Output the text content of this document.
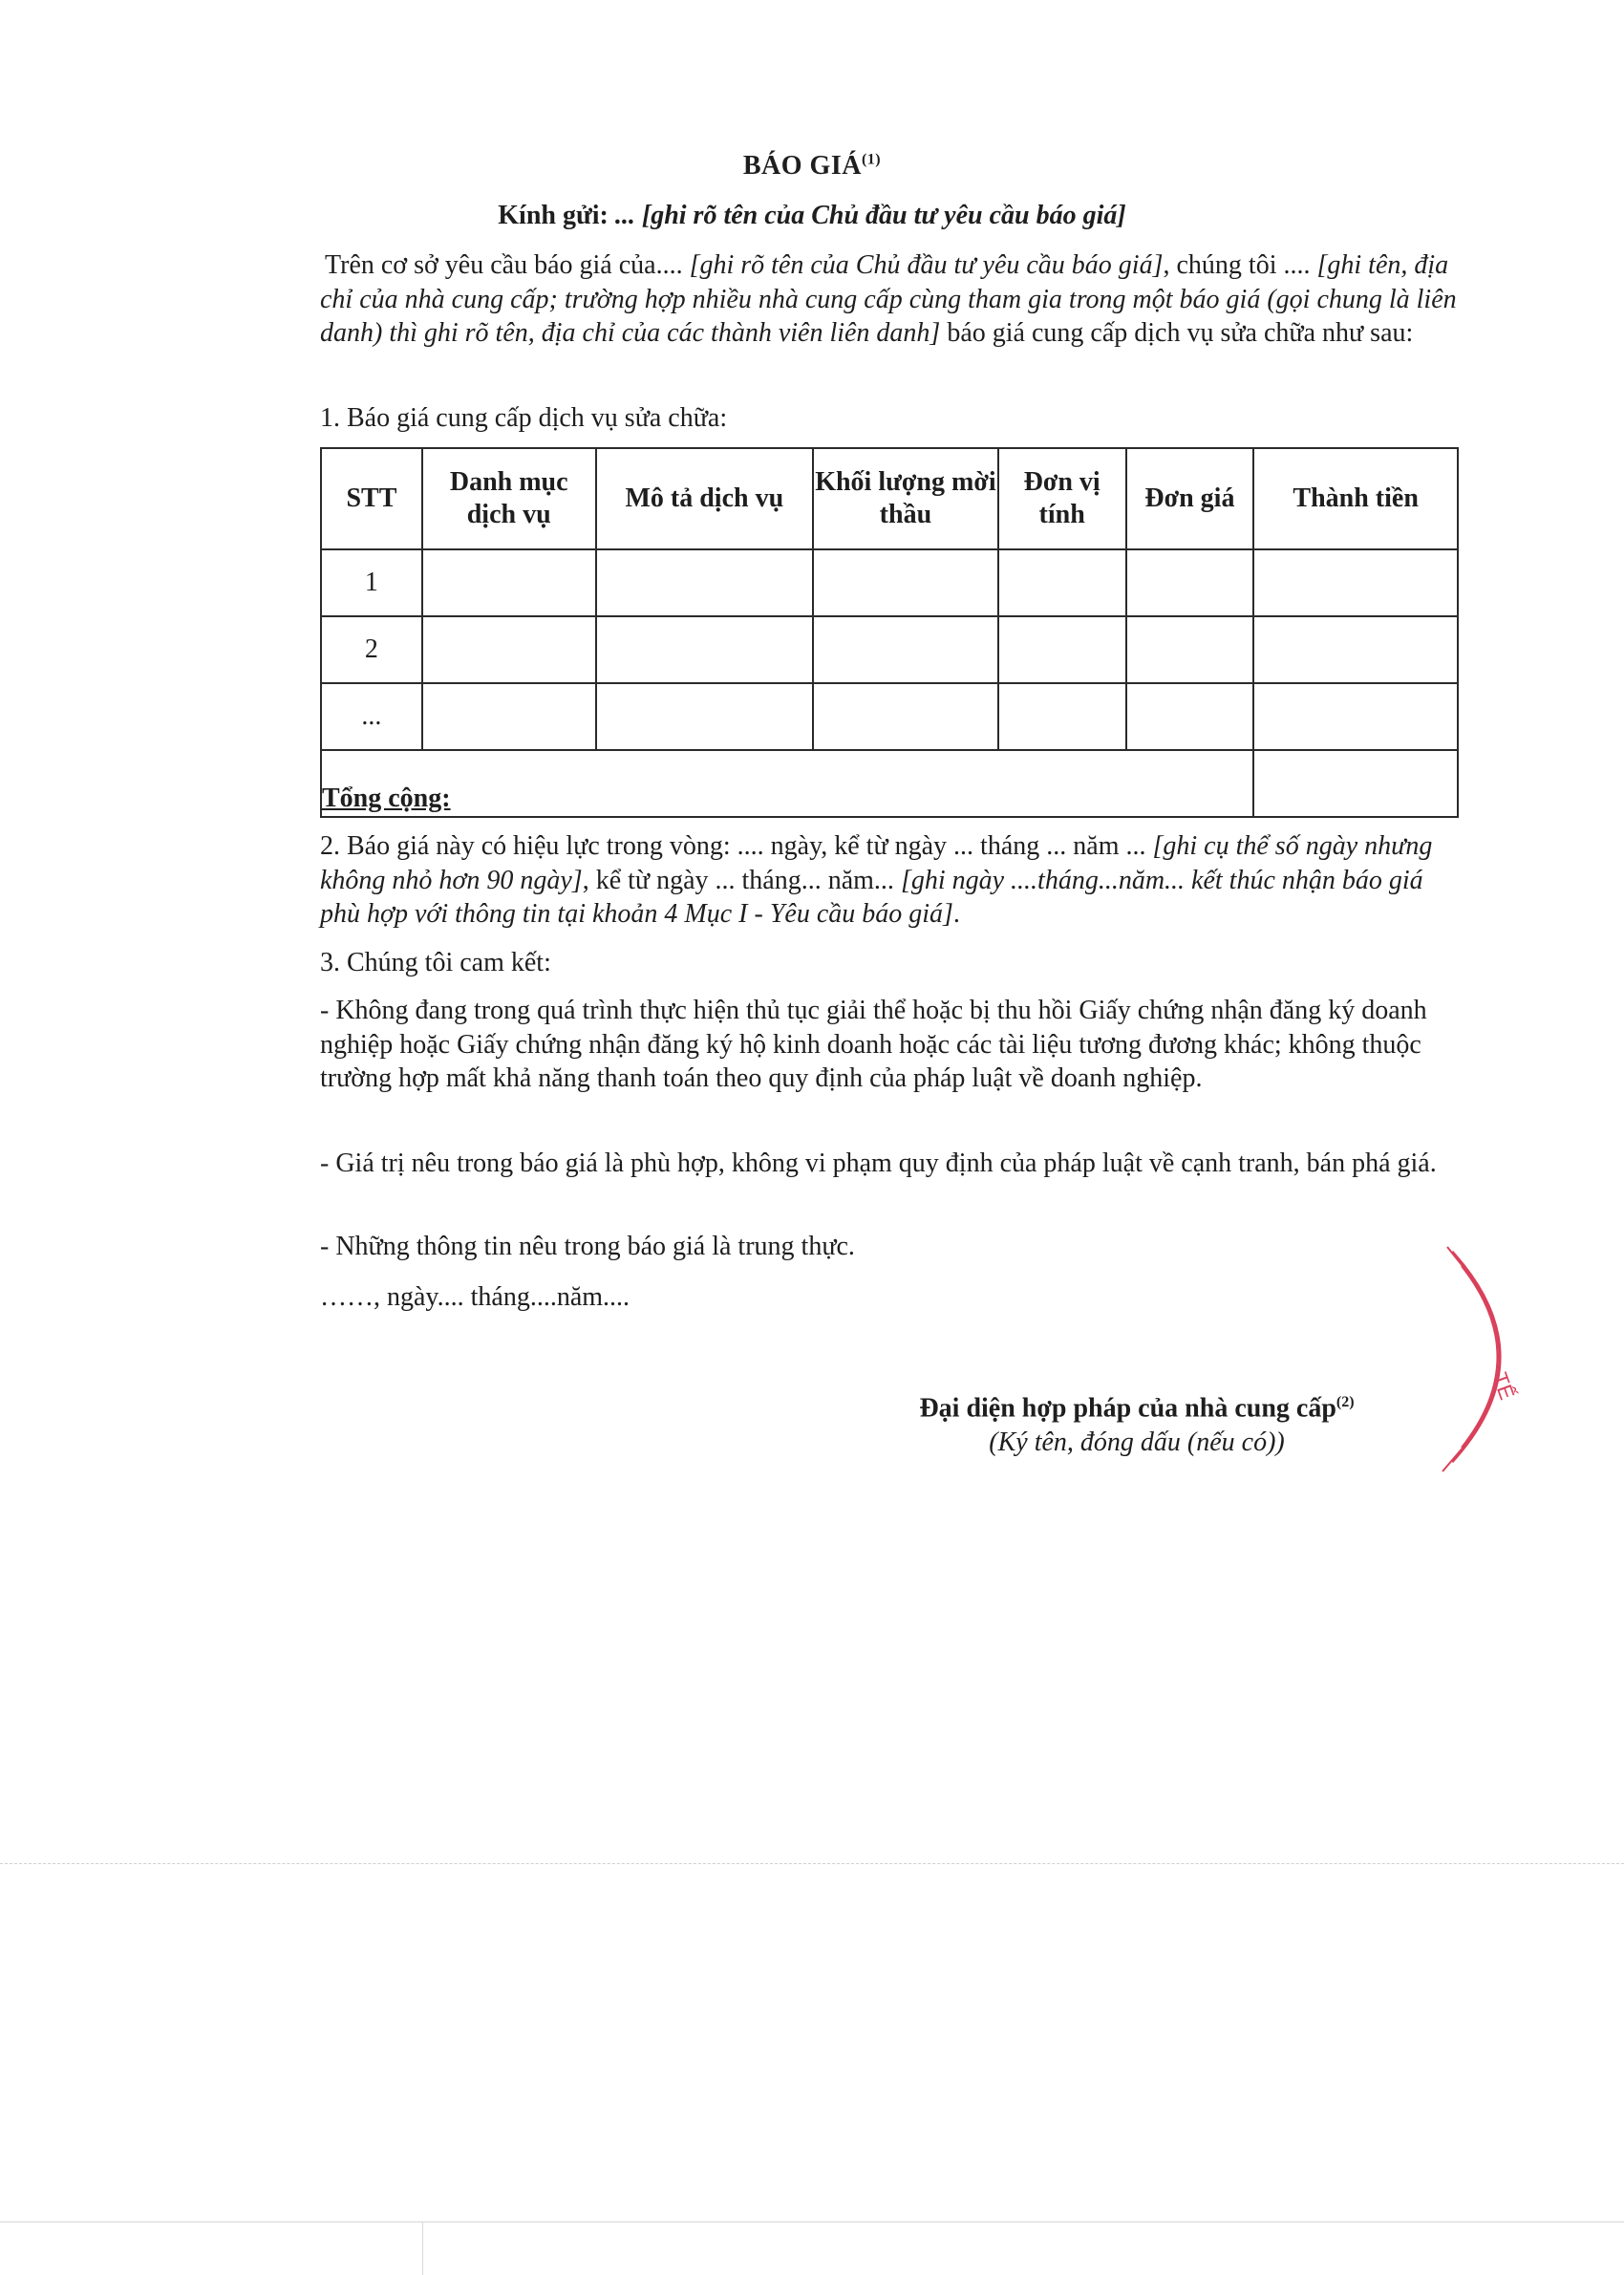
BÁO GIÁ$^{(1)}$
Kính gửi: ... [ghi rõ tên của Chủ đầu tư yêu cầu báo giá]
Trên cơ sở yêu cầu báo giá của.... [ghi rõ tên của Chủ đầu tư yêu cầu báo giá], chúng tôi .... [ghi tên, địa chỉ của nhà cung cấp; trường hợp nhiều nhà cung cấp cùng tham gia trong một báo giá (gọi chung là liên danh) thì ghi rõ tên, địa chỉ của các thành viên liên danh] báo giá cung cấp dịch vụ sửa chữa như sau:
1. Báo giá cung cấp dịch vụ sửa chữa:
STT	Danh mục dịch vụ	Mô tả dịch vụ	Khối lượng mời thầu	Đơn vị tính	Đơn giá	Thành tiền
1						
2						
...						
Tổng cộng:						
2. Báo giá này có hiệu lực trong vòng: .... ngày, kể từ ngày ... tháng ... năm ... [ghi cụ thể số ngày nhưng không nhỏ hơn 90 ngày], kể từ ngày ... tháng... năm... [ghi ngày ....tháng...năm... kết thúc nhận báo giá phù hợp với thông tin tại khoản 4 Mục I - Yêu cầu báo giá].
3. Chúng tôi cam kết:
- Không đang trong quá trình thực hiện thủ tục giải thể hoặc bị thu hồi Giấy chứng nhận đăng ký doanh nghiệp hoặc Giấy chứng nhận đăng ký hộ kinh doanh hoặc các tài liệu tương đương khác; không thuộc trường hợp mất khả năng thanh toán theo quy định của pháp luật về doanh nghiệp.
- Giá trị nêu trong báo giá là phù hợp, không vi phạm quy định của pháp luật về cạnh tranh, bán phá giá.
- Những thông tin nêu trong báo giá là trung thực.
……, ngày.... tháng....năm....
Đại diện hợp pháp của nhà cung cấp$^{(2)}$
(Ký tên, đóng dấu (nếu có))
TẾ
